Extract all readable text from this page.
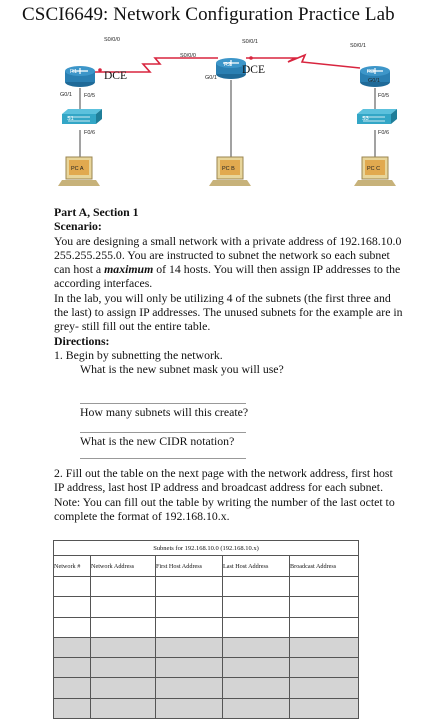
CSCI6649: Network Configuration Practice Lab
S0/0/0
R1
G0/1 F0/5
S1
F0/6
PC A
S0/0/0
S0/0/1
R2
G0/1
PC B
S0/0/1
R3
G0/1
F0/5
S3
F0/6
PC C
DCE	DCE

Part A, Section 1

Scenario:

You are designing a small network with a private address of 192.168.10.0 255.255.255.0. You are instructed to subnet the network so each subnet can host a maximum of 14 hosts. You will then assign IP addresses to the according interfaces.

In the lab, you will only be utilizing 4 of the subnets (the first three and the last) to assign IP addresses. The unused subnets for the example are in grey- still fill out the entire table.

Directions:

1. Begin by subnetting the network.

What is the new subnet mask you will use?

How many subnets will this create?
What is the new CIDR notation?

2. Fill out the table on the next page with the network address, first host IP address, last host IP address and broadcast address for each subnet.

Note: You can fill out the table by writing the number of the last octet to complete the format of 192.168.10.x.

Subnets for 192.168.10.0 (192.168.10.x)				
Network #	Network Address	First Host Address	Last Host Address	Broadcast Address
